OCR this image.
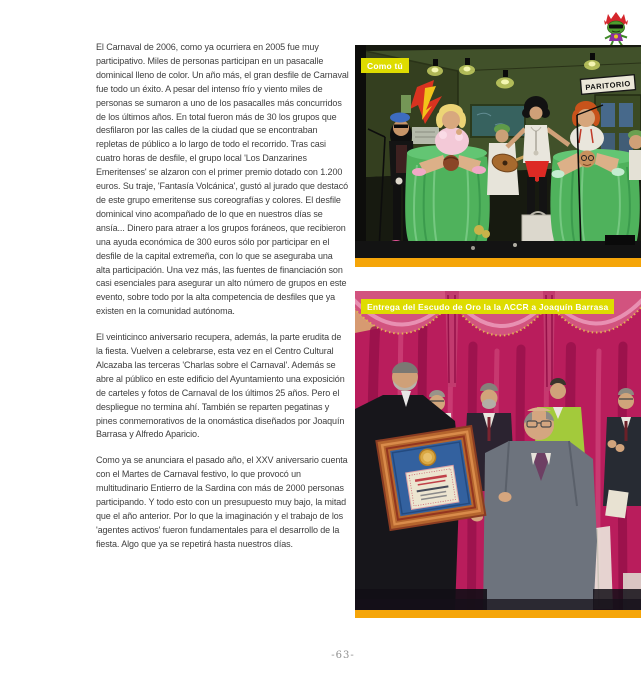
El Carnaval de 2006, como ya ocurriera en 2005 fue muy participativo. Miles de personas participan en un pasacalle dominical lleno de color. Un año más, el gran desfile de Carnaval fue todo un éxito. A pesar del intenso frío y viento miles de personas se sumaron a uno de los pasacalles más concurridos de los últimos años. En total fueron más de 30 los grupos que desfilaron por las calles de la ciudad que se encontraban repletas de público a lo largo de todo el recorrido. Tras casi cuatro horas de desfile, el grupo local 'Los Danzarines Emeritenses' se alzaron con el primer premio dotado con 1.200 euros. Su traje, 'Fantasía Volcánica', gustó al jurado que destacó de este grupo emeritense sus coreografías y colores. El desfile dominical vino acompañado de lo que en nuestros días se ansía... Dinero para atraer a los grupos foráneos, que recibieron una ayuda económica de 300 euros sólo por participar en el desfile de la capital extremeña, con lo que se aseguraba una alta participación. Una vez más, las fuentes de financiación son casi esenciales para asegurar un alto número de grupos en este evento, sobre todo por la alta competencia de desfiles que ya existen en la comunidad autónoma.

El veinticinco aniversario recupera, además, la parte erudita de la fiesta. Vuelven a celebrarse, esta vez en el Centro Cultural Alcazaba las terceras 'Charlas sobre el Carnaval'. Además se abre al público en este edificio del Ayuntamiento una exposición de carteles y fotos de Carnaval de los últimos 25 años. Pero el despliegue no termina ahí. También se reparten pegatinas y pines conmemorativos de la onomástica diseñados por Joaquín Barrasa y Alfredo Aparicio.

Como ya se anunciara el pasado año, el XXV aniversario cuenta con el Martes de Carnaval festivo, lo que provocó un multitudinario Entierro de la Sardina con más de 2000 personas participando. Y todo esto con un presupuesto muy bajo, la mitad que el año anterior. Por lo que la imaginación y el trabajo de los 'agentes activos' fueron fundamentales para el desarrollo de la fiesta. Algo que ya se repetirá hasta nuestros días.

PARITORIO
Como tú
Entrega del Escudo de Oro la la ACCR a Joaquín Barrasa
-63-
